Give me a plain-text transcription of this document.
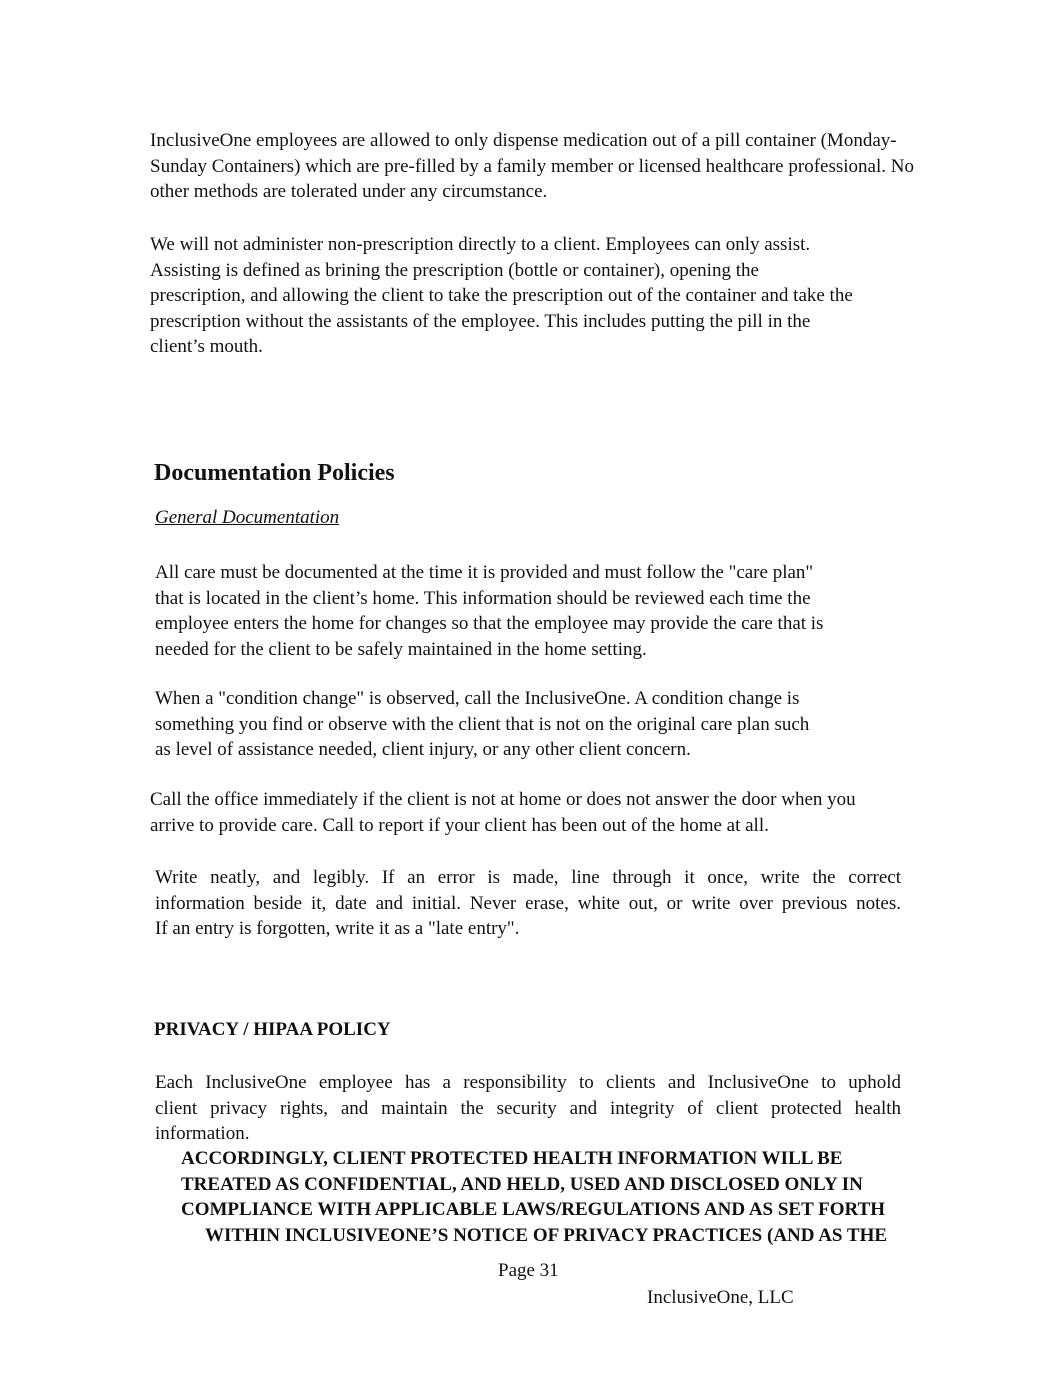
InclusiveOne employees are allowed to only dispense medication out of a pill container (Monday-
Sunday Containers) which are pre-filled by a family member or licensed healthcare professional. No
other methods are tolerated under any circumstance.
We will not administer non-prescription directly to a client. Employees can only assist.
Assisting is defined as brining the prescription (bottle or container), opening the
prescription, and allowing the client to take the prescription out of the container and take the
prescription without the assistants of the employee. This includes putting the pill in the
client’s mouth.
Documentation Policies
General Documentation
All care must be documented at the time it is provided and must follow the "care plan"
that is located in the client’s home. This information should be reviewed each time the
employee enters the home for changes so that the employee may provide the care that is
needed for the client to be safely maintained in the home setting.
When a "condition change" is observed, call the InclusiveOne. A condition change is
something you find or observe with the client that is not on the original care plan such
as level of assistance needed, client injury, or any other client concern.
Call the office immediately if the client is not at home or does not answer the door when you
arrive to provide care. Call to report if your client has been out of the home at all.
Write neatly, and legibly. If an error is made, line through it once, write the correct
information beside it, date and initial. Never erase, white out, or write over previous notes.
If an entry is forgotten, write it as a "late entry".
PRIVACY / HIPAA POLICY
Each InclusiveOne employee has a responsibility to clients and InclusiveOne to uphold
client privacy rights, and maintain the security and integrity of client protected health
information.
ACCORDINGLY, CLIENT PROTECTED HEALTH INFORMATION WILL BE
TREATED AS CONFIDENTIAL, AND HELD, USED AND DISCLOSED ONLY IN
COMPLIANCE WITH APPLICABLE LAWS/REGULATIONS AND AS SET FORTH
WITHIN INCLUSIVEONE’S NOTICE OF PRIVACY PRACTICES (AND AS THE
Page 31
InclusiveOne, LLC
